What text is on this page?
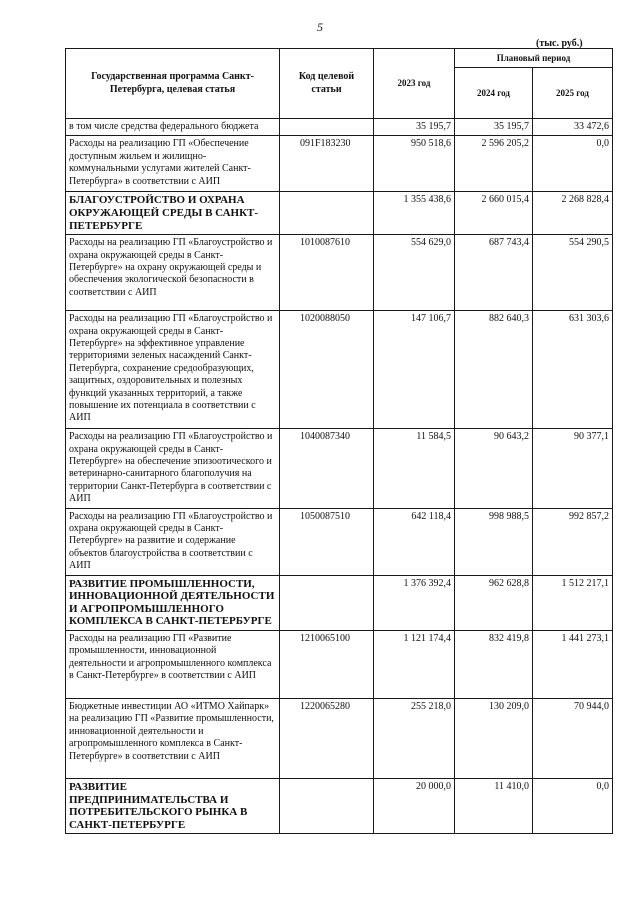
5
(тыс. руб.)
Государственная программа Санкт-Петербурга, целевая статья	Код целевой статьи	2023 год	Плановый период	
			2024 год	2025 год
в том числе средства федерального бюджета		35 195,7	35 195,7	33 472,6
Расходы на реализацию ГП «Обеспечение доступным жильем и жилищно-коммунальными услугами жителей Санкт-Петербурга» в соответствии с АИП	091F183230	950 518,6	2 596 205,2	0,0
БЛАГОУСТРОЙСТВО И ОХРАНА ОКРУЖАЮЩЕЙ СРЕДЫ В САНКТ-ПЕТЕРБУРГЕ		1 355 438,6	2 660 015,4	2 268 828,4
Расходы на реализацию ГП «Благоустройство и охрана окружающей среды в Санкт-Петербурге» на охрану окружающей среды и обеспечения экологической безопасности в соответствии с АИП	1010087610	554 629,0	687 743,4	554 290,5
Расходы на реализацию ГП «Благоустройство и охрана окружающей среды в Санкт-Петербурге» на эффективное управление территориями зеленых насаждений Санкт-Петербурга, сохранение средообразующих, защитных, оздоровительных и полезных функций указанных территорий, а также повышение их потенциала в соответствии с АИП	1020088050	147 106,7	882 640,3	631 303,6
Расходы на реализацию ГП «Благоустройство и охрана окружающей среды в Санкт-Петербурге» на обеспечение эпизоотического и ветеринарно-санитарного благополучия на территории Санкт-Петербурга в соответствии с АИП	1040087340	11 584,5	90 643,2	90 377,1
Расходы на реализацию ГП «Благоустройство и охрана окружающей среды в Санкт-Петербурге» на развитие и содержание объектов благоустройства в соответствии с АИП	1050087510	642 118,4	998 988,5	992 857,2
РАЗВИТИЕ ПРОМЫШЛЕННОСТИ, ИННОВАЦИОННОЙ ДЕЯТЕЛЬНОСТИ И АГРОПРОМЫШЛЕННОГО КОМПЛЕКСА В САНКТ-ПЕТЕРБУРГЕ		1 376 392,4	962 628,8	1 512 217,1
Расходы на реализацию ГП «Развитие промышленности, инновационной деятельности и агропромышленного комплекса в Санкт-Петербурге» в соответствии с АИП	1210065100	1 121 174,4	832 419,8	1 441 273,1
Бюджетные инвестиции АО «ИТМО Хайпарк» на реализацию ГП «Развитие промышленности, инновационной деятельности и агропромышленного комплекса в Санкт-Петербурге» в соответствии с АИП	1220065280	255 218,0	130 209,0	70 944,0
РАЗВИТИЕ ПРЕДПРИНИМАТЕЛЬСТВА И ПОТРЕБИТЕЛЬСКОГО РЫНКА В САНКТ-ПЕТЕРБУРГЕ		20 000,0	11 410,0	0,0
